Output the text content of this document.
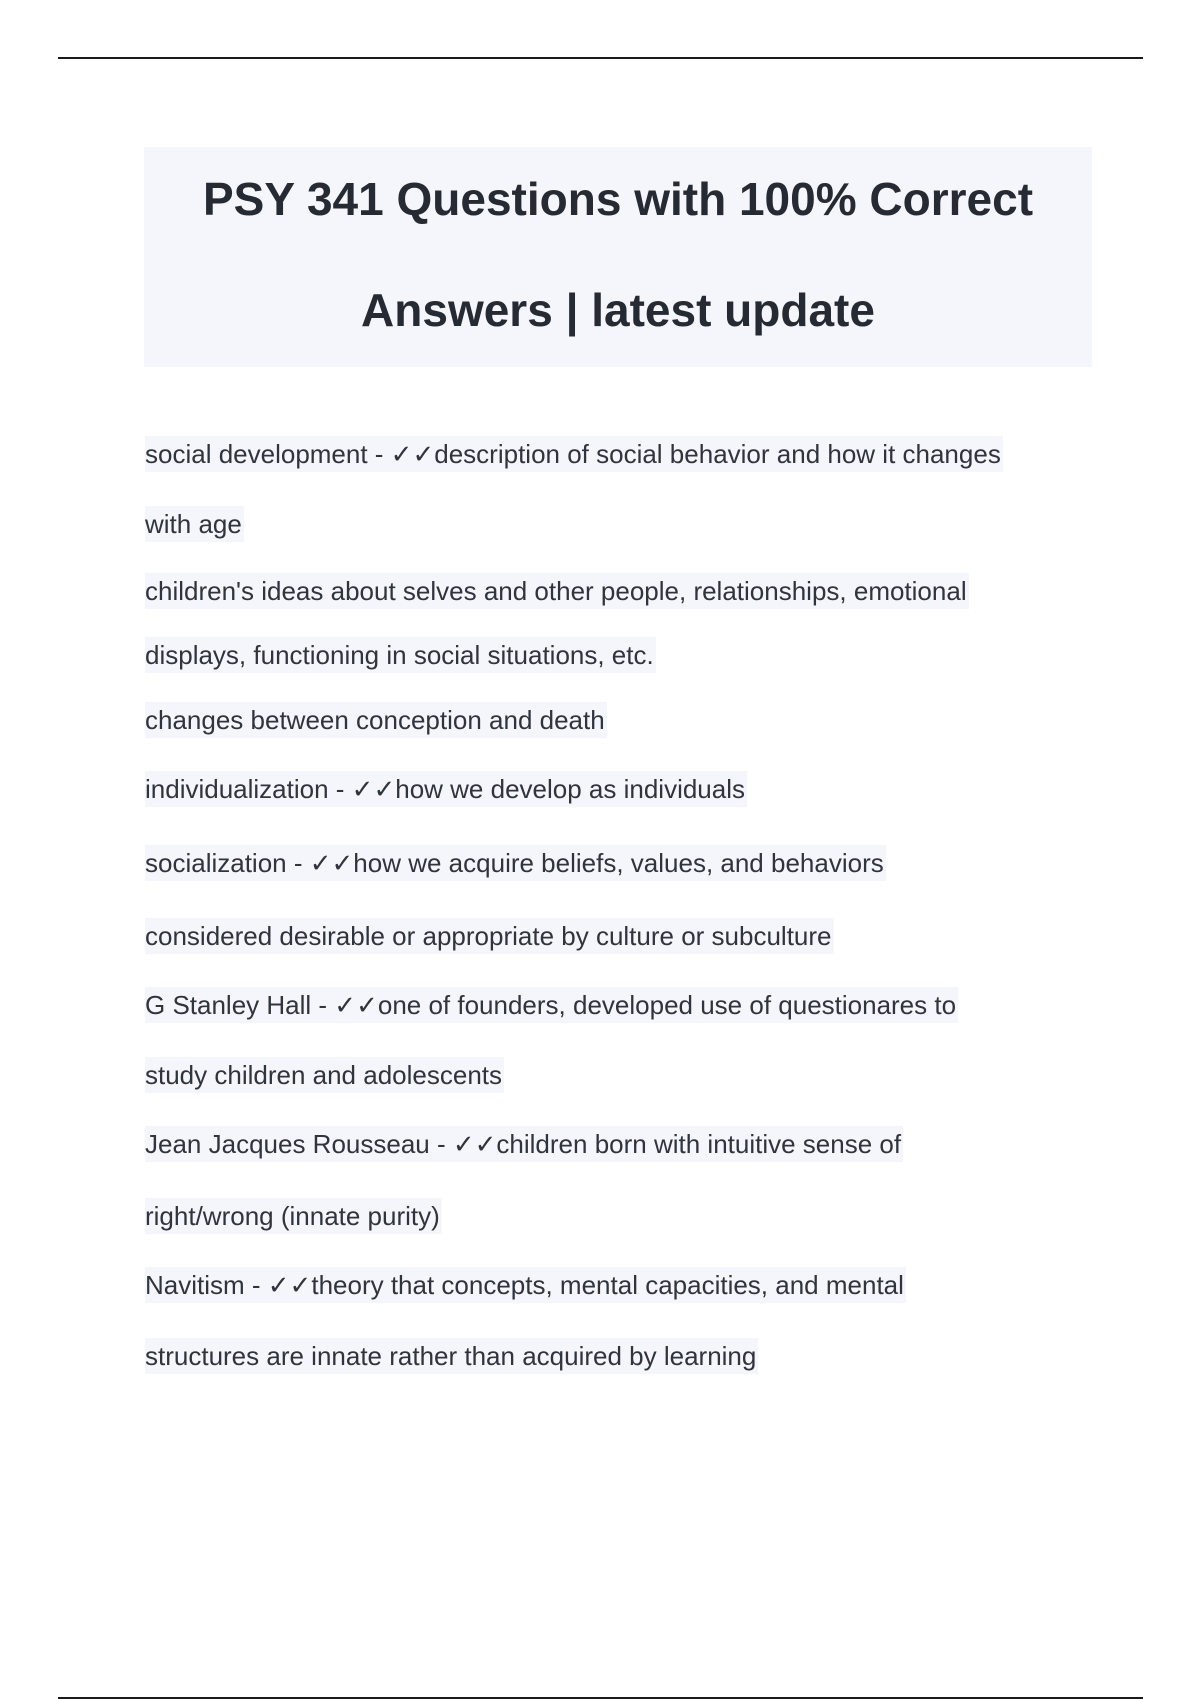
PSY 341 Questions with 100% Correct
Answers | latest update
social development - ✓✓description of social behavior and how it changes
with age
children's ideas about selves and other people, relationships, emotional
displays, functioning in social situations, etc.
changes between conception and death
individualization - ✓✓how we develop as individuals
socialization - ✓✓how we acquire beliefs, values, and behaviors
considered desirable or appropriate by culture or subculture
G Stanley Hall - ✓✓one of founders, developed use of questionares to
study children and adolescents
Jean Jacques Rousseau - ✓✓children born with intuitive sense of
right/wrong (innate purity)
Navitism - ✓✓theory that concepts, mental capacities, and mental
structures are innate rather than acquired by learning
